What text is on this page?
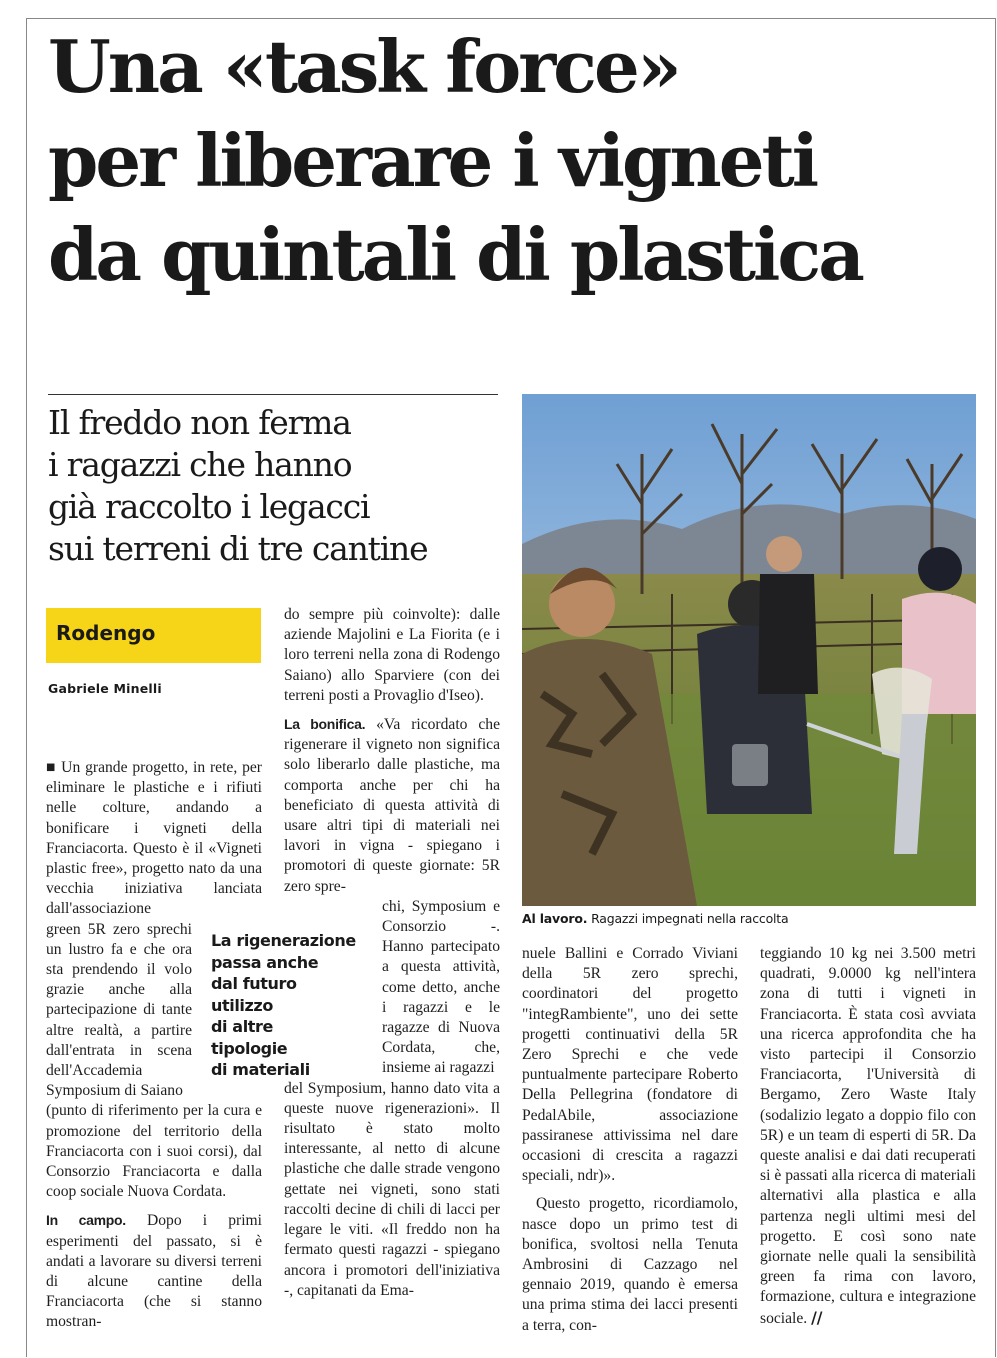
Una «task force»
per liberare i vigneti
da quintali di plastica
Il freddo non ferma
i ragazzi che hanno
già raccolto i legacci
sui terreni di tre cantine
Rodengo
Gabriele Minelli

■ Un grande progetto, in rete, per eliminare le plastiche e i rifiuti nelle colture, andando a bonificare i vigneti della Franciacorta. Questo è il «Vigneti plastic free», progetto nato da una vecchia iniziativa lanciata dall'associazione

green 5R zero sprechi un lustro fa e che ora sta prendendo il volo grazie anche alla partecipazione di tante altre realtà, a partire dall'entrata in scena dell'Accademia Symposium di Saiano

(punto di riferimento per la cura e promozione del territorio della Franciacorta con i suoi corsi), dal Consorzio Franciacorta e dalla coop sociale Nuova Cordata.

In campo. Dopo i primi esperimenti del passato, si è andati a lavorare su diversi terreni di alcune cantine della Franciacorta (che si stanno mostran-

La rigenerazione
passa anche
dal futuro
utilizzo
di altre
tipologie
di materiali

do sempre più coinvolte): dalle aziende Majolini e La Fiorita (e i loro terreni nella zona di Rodengo Saiano) allo Sparviere (con dei terreni posti a Provaglio d'Iseo).

La bonifica. «Va ricordato che rigenerare il vigneto non significa solo liberarlo dalle plastiche, ma comporta anche per chi ha beneficiato di questa attività di usare altri tipi di materiali nei lavori in vigna - spiegano i promotori di queste giornate: 5R zero spre-

chi, Symposium e Consorzio -. Hanno partecipato a questa attività, come detto, anche i ragazzi e le ragazze di Nuova Cordata, che, insieme ai ragazzi

del Symposium, hanno dato vita a queste nuove rigenerazioni». Il risultato è stato molto interessante, al netto di alcune plastiche che dalle strade vengono gettate nei vigneti, sono stati raccolti decine di chili di lacci per legare le viti. «Il freddo non ha fermato questi ragazzi - spiegano ancora i promotori dell'iniziativa -, capitanati da Ema-

Al lavoro. Ragazzi impegnati nella raccolta

nuele Ballini e Corrado Viviani della 5R zero sprechi, coordinatori del progetto "integRambiente", uno dei sette progetti continuativi della 5R Zero Sprechi e che vede puntualmente partecipare Roberto Della Pellegrina (fondatore di PedalAbile, associazione passiranese attivissima nel dare occasioni di crescita a ragazzi speciali, ndr)».

Questo progetto, ricordiamolo, nasce dopo un primo test di bonifica, svoltosi nella Tenuta Ambrosini di Cazzago nel gennaio 2019, quando è emersa una prima stima dei lacci presenti a terra, con-

teggiando 10 kg nei 3.500 metri quadrati, 9.0000 kg nell'intera zona di tutti i vigneti in Franciacorta. È stata così avviata una ricerca approfondita che ha visto partecipi il Consorzio Franciacorta, l'Università di Bergamo, Zero Waste Italy (sodalizio legato a doppio filo con 5R) e un team di esperti di 5R. Da queste analisi e dai dati recuperati si è passati alla ricerca di materiali alternativi alla plastica e alla partenza negli ultimi mesi del progetto. E così sono nate giornate nelle quali la sensibilità green fa rima con lavoro, formazione, cultura e integrazione sociale. //
